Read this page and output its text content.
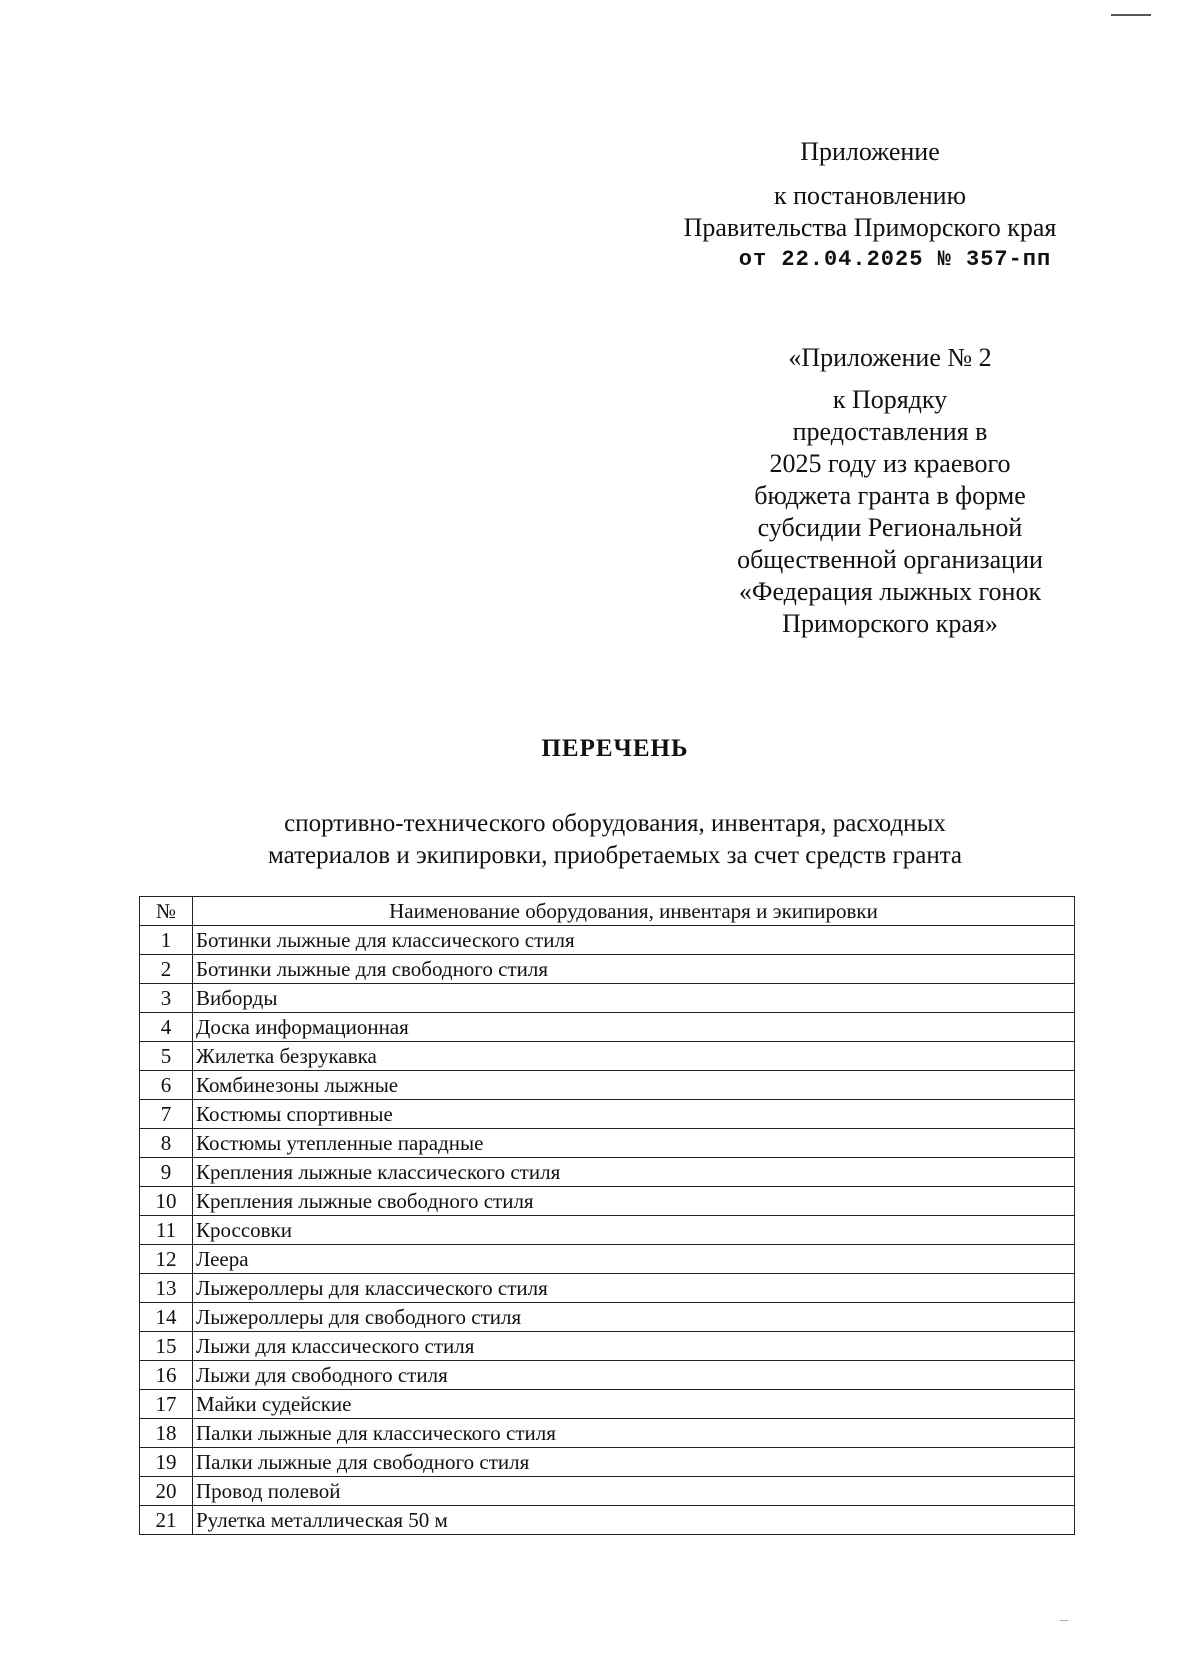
Приложение
к постановлению
Правительства Приморского края
от 22.04.2025 № 357-пп
«Приложение № 2
к Порядку
предоставления в
2025 году из краевого
бюджета гранта в форме
субсидии Региональной
общественной организации
«Федерация лыжных гонок
Приморского края»
ПЕРЕЧЕНЬ
спортивно-технического оборудования, инвентаря, расходных
материалов и экипировки, приобретаемых за счет средств гранта
№	Наименование оборудования, инвентаря и экипировки
1	Ботинки лыжные для классического стиля
2	Ботинки лыжные для свободного стиля
3	Виборды
4	Доска информационная
5	Жилетка безрукавка
6	Комбинезоны лыжные
7	Костюмы спортивные
8	Костюмы утепленные парадные
9	Крепления лыжные классического стиля
10	Крепления лыжные свободного стиля
11	Кроссовки
12	Леера
13	Лыжероллеры для классического стиля
14	Лыжероллеры для свободного стиля
15	Лыжи для классического стиля
16	Лыжи для свободного стиля
17	Майки судейские
18	Палки лыжные для классического стиля
19	Палки лыжные для свободного стиля
20	Провод полевой
21	Рулетка металлическая 50 м
